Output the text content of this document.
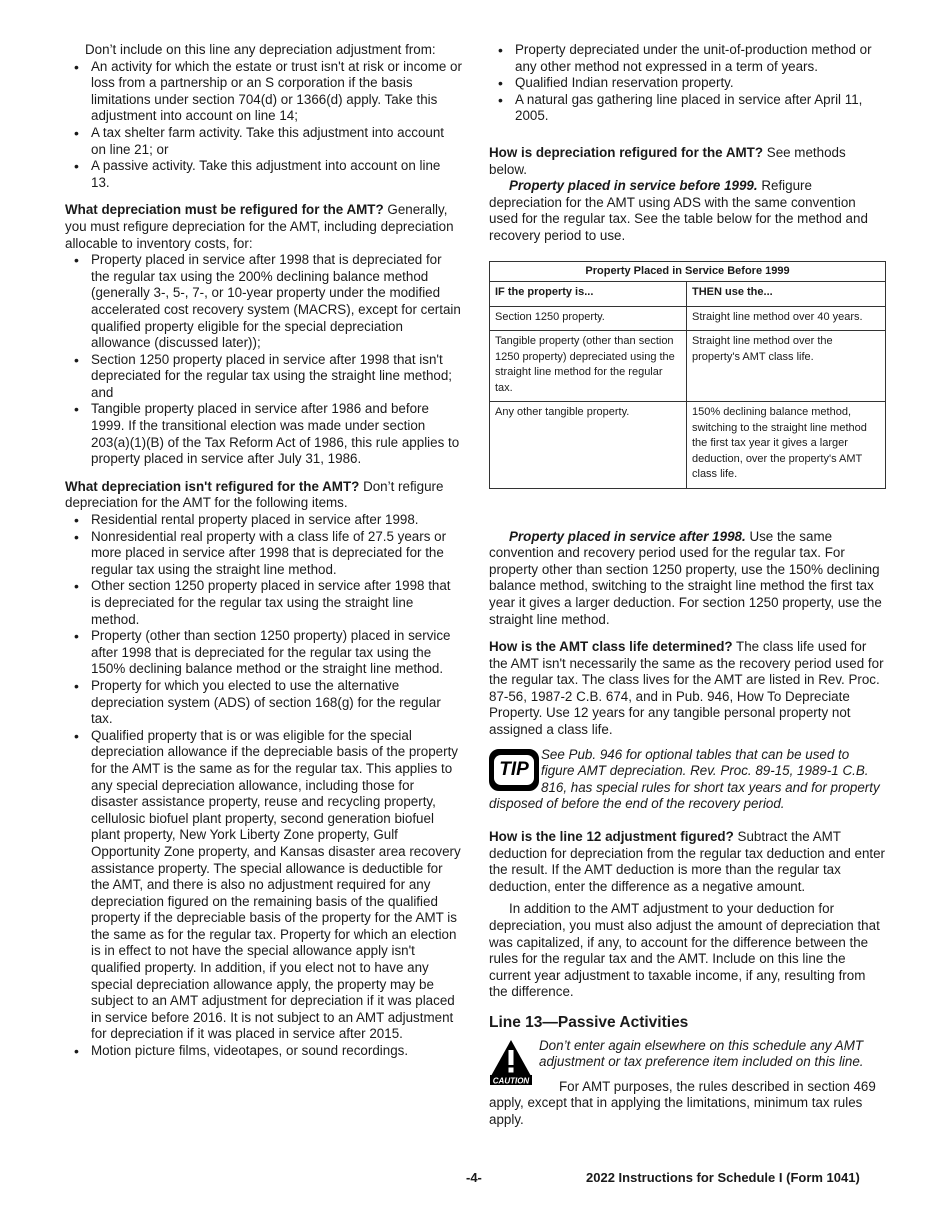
Don’t include on this line any depreciation adjustment from:

• An activity for which the estate or trust isn't at risk or income or loss from a partnership or an S corporation if the basis limitations under section 704(d) or 1366(d) apply. Take this adjustment into account on line 14;
• A tax shelter farm activity. Take this adjustment into account on line 21; or
• A passive activity. Take this adjustment into account on line 13.

What depreciation must be refigured for the AMT? Generally, you must refigure depreciation for the AMT, including depreciation allocable to inventory costs, for:

• Property placed in service after 1998 that is depreciated for the regular tax using the 200% declining balance method (generally 3-, 5-, 7-, or 10-year property under the modified accelerated cost recovery system (MACRS), except for certain qualified property eligible for the special depreciation allowance (discussed later));
• Section 1250 property placed in service after 1998 that isn't depreciated for the regular tax using the straight line method; and
• Tangible property placed in service after 1986 and before 1999. If the transitional election was made under section 203(a)(1)(B) of the Tax Reform Act of 1986, this rule applies to property placed in service after July 31, 1986.

What depreciation isn't refigured for the AMT? Don’t refigure depreciation for the AMT for the following items.

• Residential rental property placed in service after 1998.
• Nonresidential real property with a class life of 27.5 years or more placed in service after 1998 that is depreciated for the regular tax using the straight line method.
• Other section 1250 property placed in service after 1998 that is depreciated for the regular tax using the straight line method.
• Property (other than section 1250 property) placed in service after 1998 that is depreciated for the regular tax using the 150% declining balance method or the straight line method.
• Property for which you elected to use the alternative depreciation system (ADS) of section 168(g) for the regular tax.
• Qualified property that is or was eligible for the special depreciation allowance if the depreciable basis of the property for the AMT is the same as for the regular tax. This applies to any special depreciation allowance, including those for disaster assistance property, reuse and recycling property, cellulosic biofuel plant property, second generation biofuel plant property, New York Liberty Zone property, Gulf Opportunity Zone property, and Kansas disaster area recovery assistance property. The special allowance is deductible for the AMT, and there is also no adjustment required for any depreciation figured on the remaining basis of the qualified property if the depreciable basis of the property for the AMT is the same as for the regular tax. Property for which an election is in effect to not have the special allowance apply isn't qualified property. In addition, if you elect not to have any special depreciation allowance apply, the property may be subject to an AMT adjustment for depreciation if it was placed in service before 2016. It is not subject to an AMT adjustment for depreciation if it was placed in service after 2015.
• Motion picture films, videotapes, or sound recordings.
• Property depreciated under the unit-of-production method or any other method not expressed in a term of years.
• Qualified Indian reservation property.
• A natural gas gathering line placed in service after April 11, 2005.

How is depreciation refigured for the AMT? See methods below.

Property placed in service before 1999. Refigure depreciation for the AMT using ADS with the same convention used for the regular tax. See the table below for the method and recovery period to use.

Property Placed in Service Before 1999	
IF the property is...	THEN use the...
Section 1250 property.	Straight line method over 40 years.
Tangible property (other than section 1250 property) depreciated using the straight line method for the regular tax.	Straight line method over the property's AMT class life.
Any other tangible property.	150% declining balance method, switching to the straight line method the first tax year it gives a larger deduction, over the property's AMT class life.

Property placed in service after 1998. Use the same convention and recovery period used for the regular tax. For property other than section 1250 property, use the 150% declining balance method, switching to the straight line method the first tax year it gives a larger deduction. For section 1250 property, use the straight line method.

How is the AMT class life determined? The class life used for the AMT isn't necessarily the same as the recovery period used for the regular tax. The class lives for the AMT are listed in Rev. Proc. 87-56, 1987-2 C.B. 674, and in Pub. 946, How To Depreciate Property. Use 12 years for any tangible personal property not assigned a class life.

TIP
See Pub. 946 for optional tables that can be used to figure AMT depreciation. Rev. Proc. 89-15, 1989-1 C.B. 816, has special rules for short tax years and for property disposed of before the end of the recovery period.

How is the line 12 adjustment figured? Subtract the AMT deduction for depreciation from the regular tax deduction and enter the result. If the AMT deduction is more than the regular tax deduction, enter the difference as a negative amount.

In addition to the AMT adjustment to your deduction for depreciation, you must also adjust the amount of depreciation that was capitalized, if any, to account for the difference between the rules for the regular tax and the AMT. Include on this line the current year adjustment to taxable income, if any, resulting from the difference.

Line 13—Passive Activities
CAUTION
Don’t enter again elsewhere on this schedule any AMT adjustment or tax preference item included on this line.

For AMT purposes, the rules described in section 469 apply, except that in applying the limitations, minimum tax rules apply.

-4-	2022 Instructions for Schedule I (Form 1041)
